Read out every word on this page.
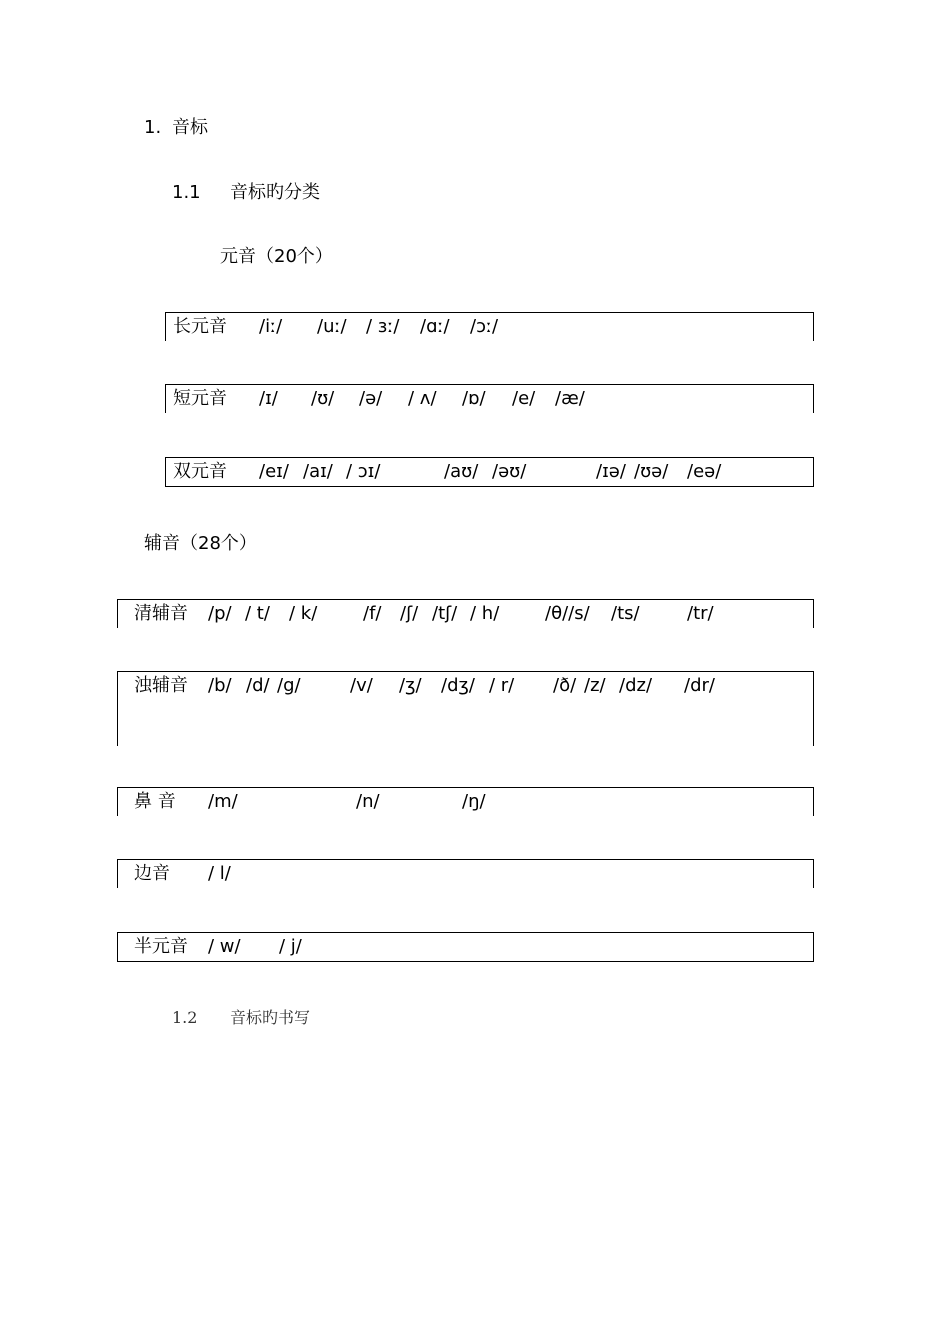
1. 音标
1.1 音标旳分类
元音（20个）
长元音 /iː/ /uː/ / ɜː/ /ɑː/ /ɔː/
短元音 /ɪ/ /ʊ/ /ə/ / ʌ/ /ɒ/ /e/ /æ/
双元音 /eɪ/ /aɪ/ / ɔɪ/	/aʊ/ /əʊ/	/ɪə/ /ʊə/ /eə/
辅音（28个）
清辅音 /p/ / t/ / k/	/f/ /ʃ/ /tʃ/ / h/	/θ//s/ /ts/	/tr/
浊辅音 /b/ /d/ /g/	/v/ /ʒ/ /dʒ/ / r/ /ð/ /z/ /dz/ /dr/
鼻 音 /m/	/n/	/ŋ/
边音 / l/
半元音 / w/ / j/
1.2 音标旳书写
